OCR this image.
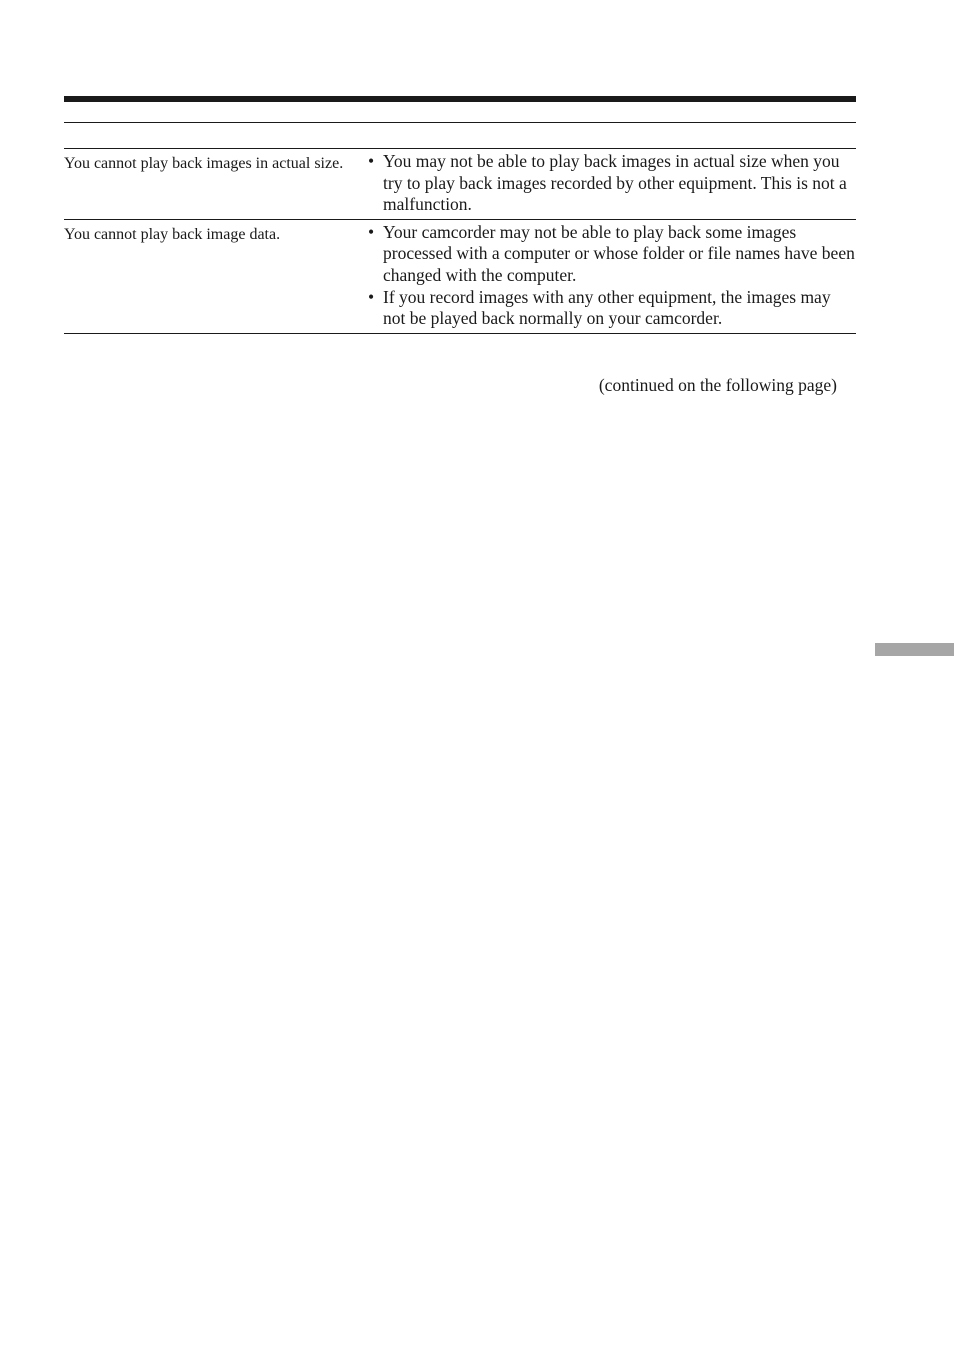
You cannot play back images in actual size.	• You may not be able to play back images in actual size when you try to play back images recorded by other equipment. This is not a malfunction.
You cannot play back image data.	• Your camcorder may not be able to play back some images processed with a computer or whose folder or file names have been changed with the computer.
• If you record images with any other equipment, the images may not be played back normally on your camcorder.
(continued on the following page)
